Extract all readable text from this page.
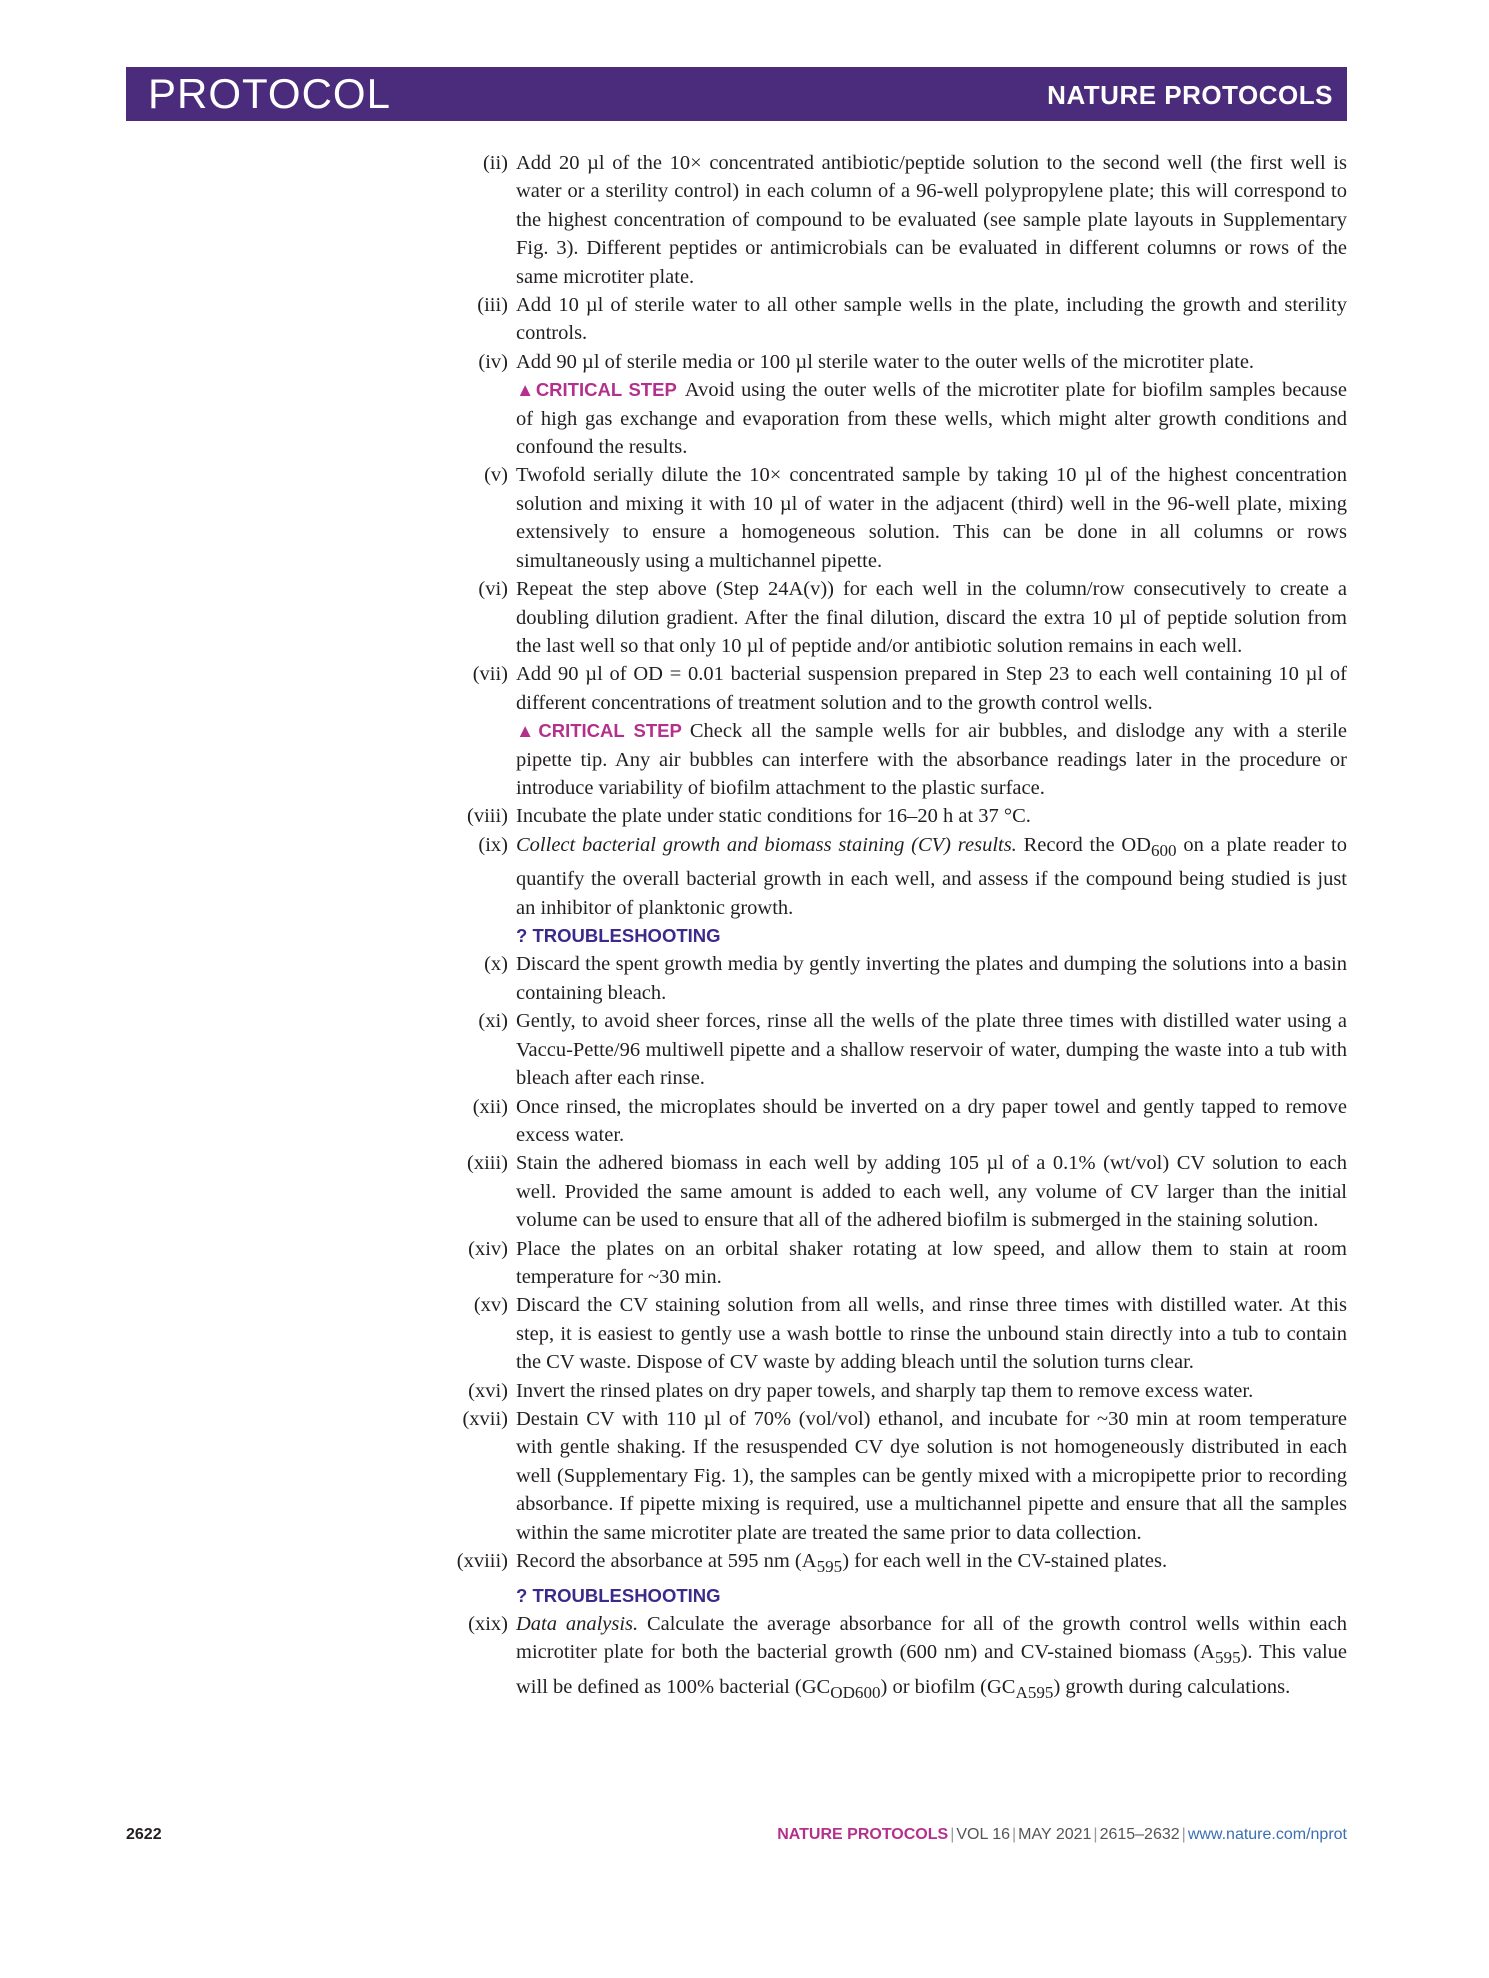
PROTOCOL	NATURE PROTOCOLS
(ii) Add 20 µl of the 10× concentrated antibiotic/peptide solution to the second well (the first well is water or a sterility control) in each column of a 96-well polypropylene plate; this will correspond to the highest concentration of compound to be evaluated (see sample plate layouts in Supplementary Fig. 3). Different peptides or antimicrobials can be evaluated in different columns or rows of the same microtiter plate.
(iii) Add 10 µl of sterile water to all other sample wells in the plate, including the growth and sterility controls.
(iv) Add 90 µl of sterile media or 100 µl sterile water to the outer wells of the microtiter plate.
▲CRITICAL STEP Avoid using the outer wells of the microtiter plate for biofilm samples because of high gas exchange and evaporation from these wells, which might alter growth conditions and confound the results.
(v) Twofold serially dilute the 10× concentrated sample by taking 10 µl of the highest concentration solution and mixing it with 10 µl of water in the adjacent (third) well in the 96-well plate, mixing extensively to ensure a homogeneous solution. This can be done in all columns or rows simultaneously using a multichannel pipette.
(vi) Repeat the step above (Step 24A(v)) for each well in the column/row consecutively to create a doubling dilution gradient. After the final dilution, discard the extra 10 µl of peptide solution from the last well so that only 10 µl of peptide and/or antibiotic solution remains in each well.
(vii) Add 90 µl of OD = 0.01 bacterial suspension prepared in Step 23 to each well containing 10 µl of different concentrations of treatment solution and to the growth control wells.
▲CRITICAL STEP Check all the sample wells for air bubbles, and dislodge any with a sterile pipette tip. Any air bubbles can interfere with the absorbance readings later in the procedure or introduce variability of biofilm attachment to the plastic surface.
(viii) Incubate the plate under static conditions for 16–20 h at 37 °C.
(ix) Collect bacterial growth and biomass staining (CV) results. Record the $OD_{600}$ on a plate reader to quantify the overall bacterial growth in each well, and assess if the compound being studied is just an inhibitor of planktonic growth.
? TROUBLESHOOTING
(x) Discard the spent growth media by gently inverting the plates and dumping the solutions into a basin containing bleach.
(xi) Gently, to avoid sheer forces, rinse all the wells of the plate three times with distilled water using a Vaccu-Pette/96 multiwell pipette and a shallow reservoir of water, dumping the waste into a tub with bleach after each rinse.
(xii) Once rinsed, the microplates should be inverted on a dry paper towel and gently tapped to remove excess water.
(xiii) Stain the adhered biomass in each well by adding 105 µl of a 0.1% (wt/vol) CV solution to each well. Provided the same amount is added to each well, any volume of CV larger than the initial volume can be used to ensure that all of the adhered biofilm is submerged in the staining solution.
(xiv) Place the plates on an orbital shaker rotating at low speed, and allow them to stain at room temperature for ~30 min.
(xv) Discard the CV staining solution from all wells, and rinse three times with distilled water. At this step, it is easiest to gently use a wash bottle to rinse the unbound stain directly into a tub to contain the CV waste. Dispose of CV waste by adding bleach until the solution turns clear.
(xvi) Invert the rinsed plates on dry paper towels, and sharply tap them to remove excess water.
(xvii) Destain CV with 110 µl of 70% (vol/vol) ethanol, and incubate for ~30 min at room temperature with gentle shaking. If the resuspended CV dye solution is not homogeneously distributed in each well (Supplementary Fig. 1), the samples can be gently mixed with a micropipette prior to recording absorbance. If pipette mixing is required, use a multichannel pipette and ensure that all the samples within the same microtiter plate are treated the same prior to data collection.
(xviii) Record the absorbance at 595 nm $(A_{595})$ for each well in the CV-stained plates.
? TROUBLESHOOTING
(xix) Data analysis. Calculate the average absorbance for all of the growth control wells within each microtiter plate for both the bacterial growth (600 nm) and CV-stained biomass $(A_{595})$. This value will be defined as 100% bacterial $(GC_{OD600})$ or biofilm $(GC_{A595})$ growth during calculations.
2622	NATURE PROTOCOLS | VOL 16 | MAY 2021 | 2615–2632 | www.nature.com/nprot
